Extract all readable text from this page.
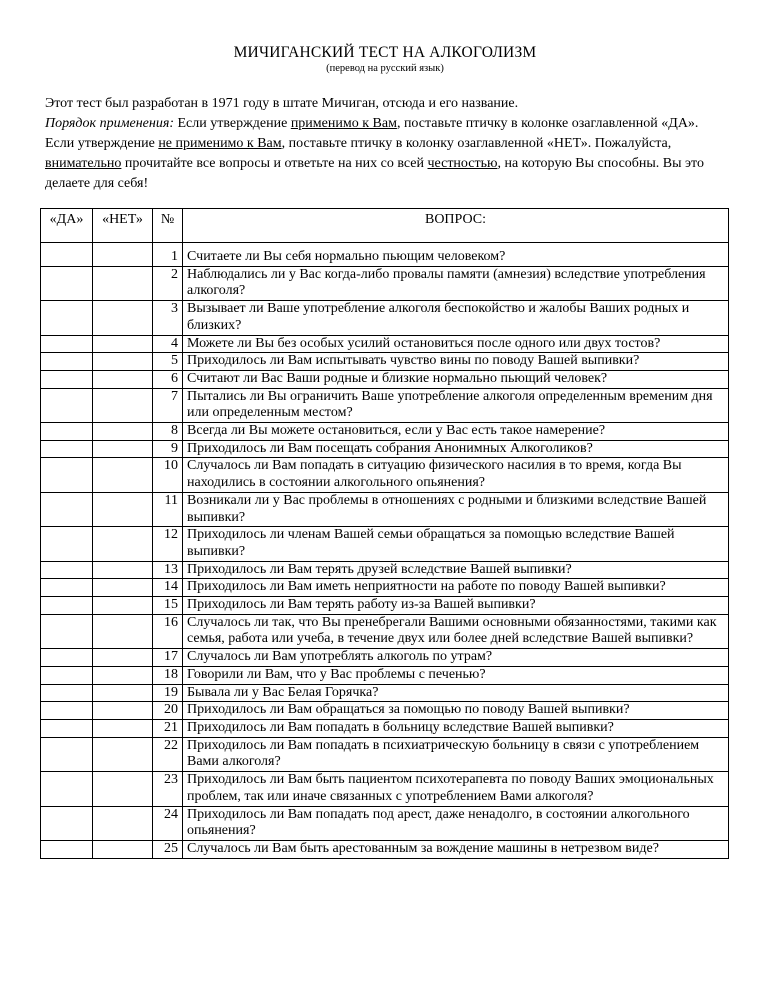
МИЧИГАНСКИЙ ТЕСТ НА АЛКОГОЛИЗМ
(перевод на русский язык)

Этот тест был разработан в 1971 году в штате Мичиган, отсюда и его название.

Порядок применения: Если утверждение применимо к Вам, поставьте птичку в колонке озаглавленной «ДА». Если утверждение не применимо к Вам, поставьте птичку в колонку озаглавленной «НЕТ». Пожалуйста, внимательно прочитайте все вопросы и ответьте на них со всей честностью, на которую Вы способны. Вы это делаете для себя!

«ДА»	«НЕТ»	№	ВОПРОС:

		1	Считаете ли Вы себя нормально пьющим человеком?
		2	Наблюдались ли у Вас когда-либо провалы памяти (амнезия) вследствие употребления алкоголя?
		3	Вызывает ли Ваше употребление алкоголя беспокойство и жалобы Ваших родных и близких?
		4	Можете ли Вы без особых усилий остановиться после одного или двух тостов?
		5	Приходилось ли Вам испытывать чувство вины по поводу Вашей выпивки?
		6	Считают ли Вас Ваши родные и близкие нормально пьющий человек?
		7	Пытались ли Вы ограничить Ваше употребление алкоголя определенным временим дня или определенным местом?
		8	Всегда ли Вы можете остановиться, если у Вас есть такое намерение?
		9	Приходилось ли Вам посещать собрания Анонимных Алкоголиков?
		10	Случалось ли Вам попадать в ситуацию физического насилия в то время, когда Вы находились в состоянии алкогольного опьянения?
		11	Возникали ли у Вас проблемы в отношениях с родными и близкими вследствие Вашей выпивки?
		12	Приходилось ли членам Вашей семьи обращаться за помощью вследствие Вашей выпивки?
		13	Приходилось ли Вам терять друзей вследствие Вашей выпивки?
		14	Приходилось ли Вам иметь неприятности на работе по поводу Вашей выпивки?
		15	Приходилось ли Вам терять работу из-за Вашей выпивки?
		16	Случалось ли так, что Вы пренебрегали Вашими основными обязанностями, такими как семья, работа или учеба, в течение двух или более дней вследствие Вашей выпивки?
		17	Случалось ли Вам употреблять алкоголь по утрам?
		18	Говорили ли Вам, что у Вас проблемы с печенью?
		19	Бывала ли у Вас Белая Горячка?
		20	Приходилось ли Вам обращаться за помощью по поводу Вашей выпивки?
		21	Приходилось ли Вам попадать в больницу вследствие Вашей выпивки?
		22	Приходилось ли Вам попадать в психиатрическую больницу в связи с употреблением Вами алкоголя?
		23	Приходилось ли Вам быть пациентом психотерапевта по поводу Ваших эмоциональных проблем, так или иначе связанных с употреблением Вами алкоголя?
		24	Приходилось ли Вам попадать под арест, даже ненадолго, в состоянии алкогольного опьянения?
		25	Случалось ли Вам быть арестованным за вождение машины в нетрезвом виде?
